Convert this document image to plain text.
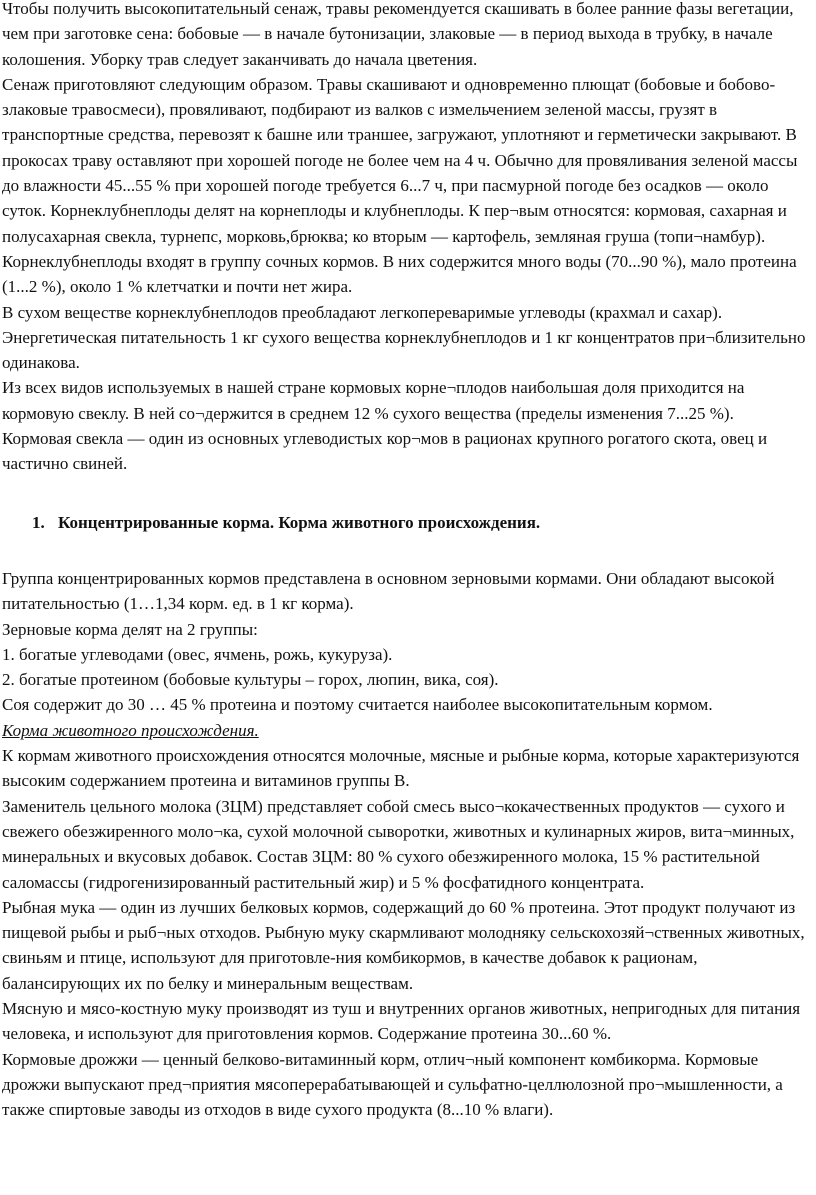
Чтобы получить высокопитательный сенаж, травы рекомендуется скашивать в более ранние фазы вегетации, чем при заготовке сена: бобовые — в начале бутонизации, злаковые — в период выхода в трубку, в начале колошения. Уборку трав следует заканчивать до начала цветения.

Сенаж приготовляют следующим образом. Травы скашивают и одновременно плющат (бобовые и бобово-злаковые травосмеси), провяливают, подбирают из валков с измельчением зеленой массы, грузят в транспортные средства, перевозят к башне или траншее, загружают, уплотняют и герметически закрывают. В прокосах траву оставляют при хорошей погоде не более чем на 4 ч. Обычно для провяливания зеленой массы до влажности 45...55 % при хорошей погоде требуется 6...7 ч, при пасмурной погоде без осадков — около суток. Корнеклубнеплоды делят на корнеплоды и клубнеплоды. К пер¬вым относятся: кормовая, сахарная и полусахарная свекла, турнепс, морковь,брюква; ко вторым — картофель, земляная груша (топи¬намбур). Корнеклубнеплоды входят в группу сочных кормов. В них содержится много воды (70...90 %), мало протеина (1...2 %), около 1 % клетчатки и почти нет жира.

В сухом веществе корнеклубнеплодов преобладают легкопереваримые углеводы (крахмал и сахар). Энергетическая питательность 1 кг сухого вещества корнеклубнеплодов и 1 кг концентратов при¬близительно одинакова.

Из всех видов используемых в нашей стране кормовых корне¬плодов наибольшая доля приходится на кормовую свеклу. В ней со¬держится в среднем 12 % сухого вещества (пределы изменения 7...25 %). Кормовая свекла — один из основных углеводистых кор¬мов в рационах крупного рогатого скота, овец и частично свиней.

1. Концентрированные корма. Корма животного происхождения.

Группа концентрированных кормов представлена в основном зерновыми кормами. Они обладают высокой питательностью (1…1,34 корм. ед. в 1 кг корма).

Зерновые корма делят на 2 группы:

1. богатые углеводами (овес, ячмень, рожь, кукуруза).

2. богатые протеином (бобовые культуры – горох, люпин, вика, соя).

Соя содержит до 30 … 45 % протеина и поэтому считается наиболее высокопитательным кормом.

Корма животного происхождения.

К кормам животного происхождения относятся молочные, мясные и рыбные корма, которые характеризуются высоким содержанием протеина и витаминов группы В.

Заменитель цельного молока (ЗЦМ) представляет собой смесь высо¬кокачественных продуктов — сухого и свежего обезжиренного моло¬ка, сухой молочной сыворотки, животных и кулинарных жиров, вита¬минных, минеральных и вкусовых добавок. Состав ЗЦМ: 80 % сухого обезжиренного молока, 15 % растительной саломассы (гидрогенизированный растительный жир) и 5 % фосфатидного концентрата.

Рыбная мука — один из лучших белковых кормов, содержащий до 60 % протеина. Этот продукт получают из пищевой рыбы и рыб¬ных отходов. Рыбную муку скармливают молодняку сельскохозяй¬ственных животных, свиньям и птице, используют для приготовле-ния комбикормов, в качестве добавок к рационам, балансирующих их по белку и минеральным веществам.

Мясную и мясо-костную муку производят из туш и внутренних органов животных, непригодных для питания человека, и используют для приготовления кормов. Содержание протеина 30...60 %.

Кормовые дрожжи — ценный белково-витаминный корм, отлич¬ный компонент комбикорма. Кормовые дрожжи выпускают пред¬приятия мясоперерабатывающей и сульфатно-целлюлозной про¬мышленности, а также спиртовые заводы из отходов в виде сухого продукта (8...10 % влаги).
